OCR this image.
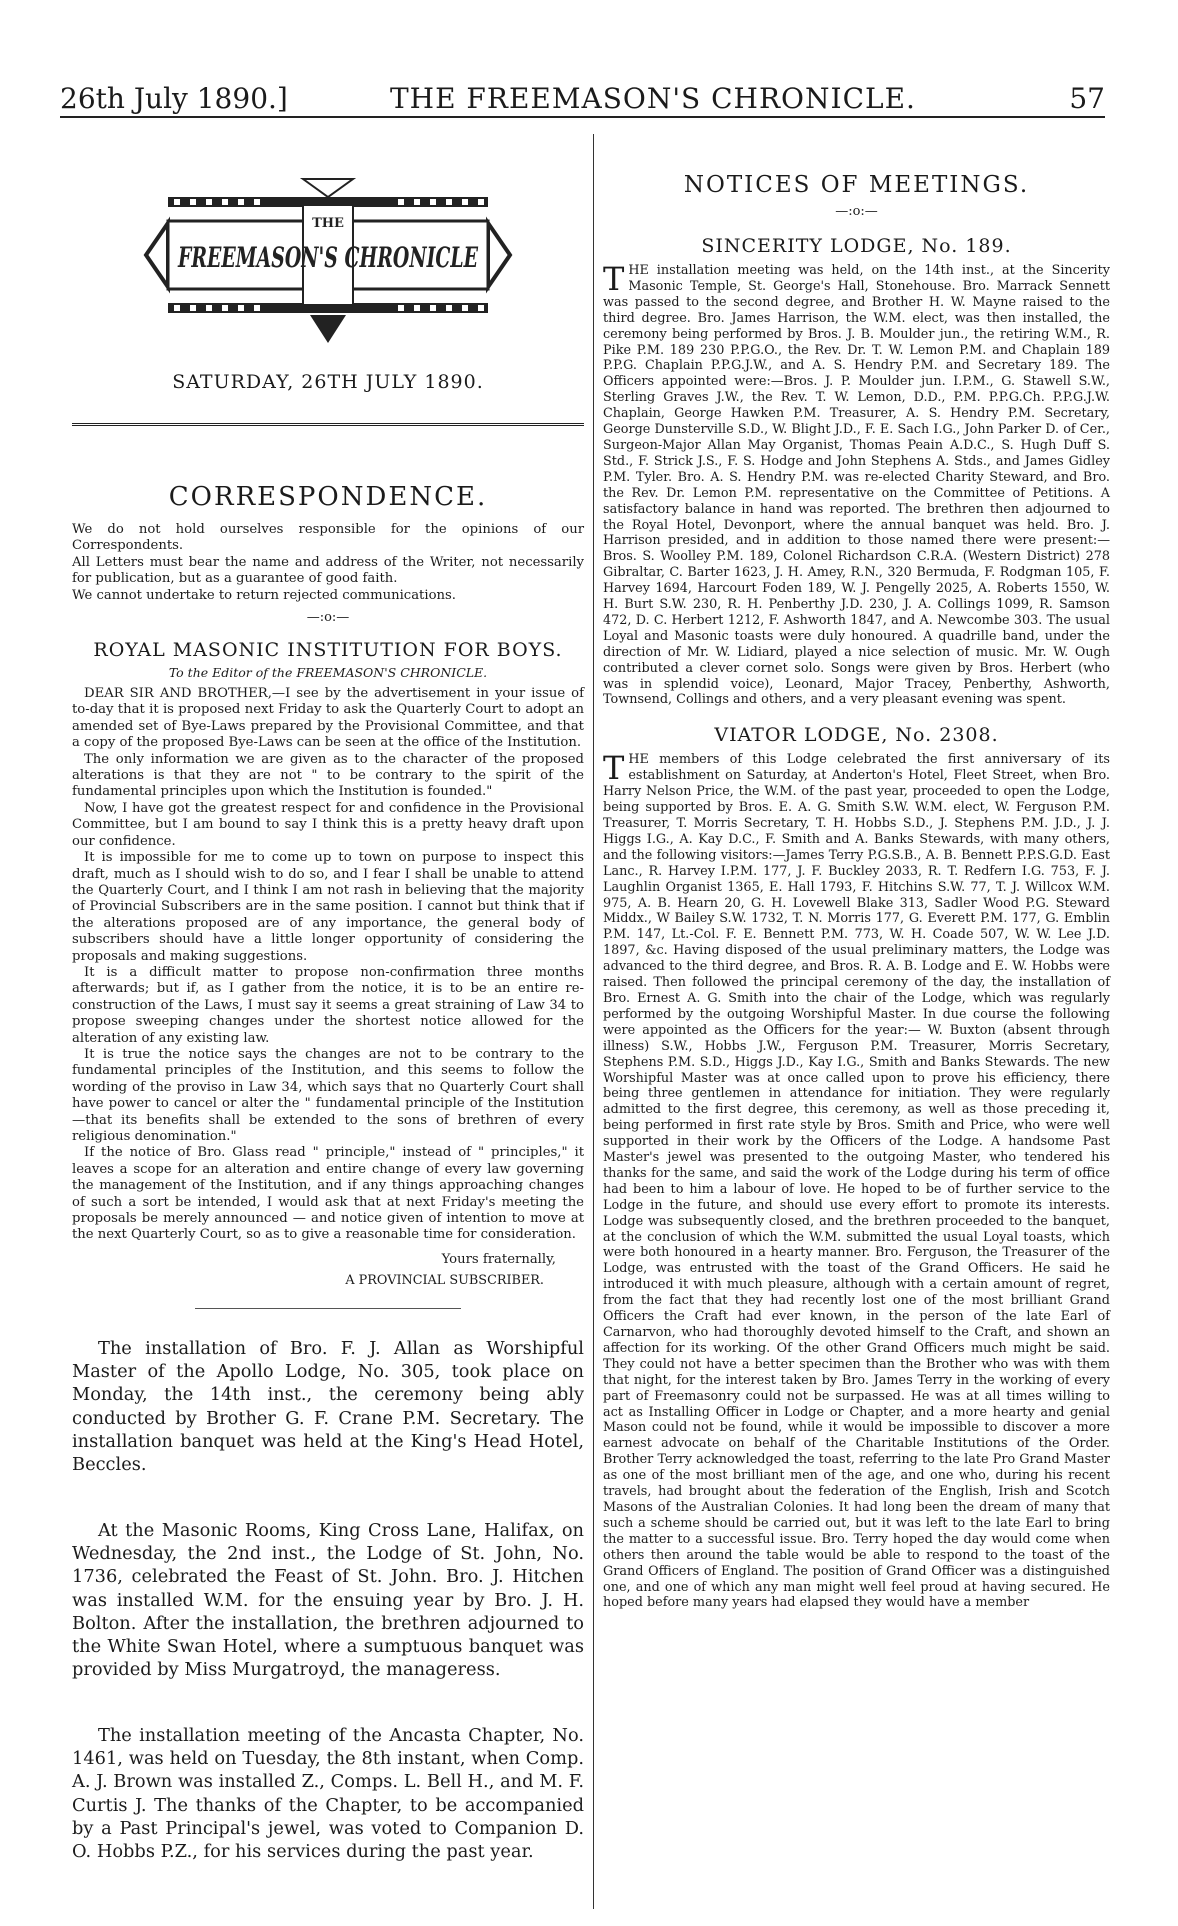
26th July 1890.]	THE FREEMASON'S CHRONICLE.	57
THE
FREEMASON'S CHRONICLE
SATURDAY, 26TH JULY 1890.
CORRESPONDENCE.

We do not hold ourselves responsible for the opinions of our Correspondents.

All Letters must bear the name and address of the Writer, not necessarily for publication, but as a guarantee of good faith.

We cannot undertake to return rejected communications.

—:o:—
ROYAL MASONIC INSTITUTION FOR BOYS.
To the Editor of the FREEMASON'S CHRONICLE.

DEAR SIR AND BROTHER,—I see by the advertisement in your issue of to-day that it is proposed next Friday to ask the Quarterly Court to adopt an amended set of Bye-Laws prepared by the Provisional Committee, and that a copy of the proposed Bye-Laws can be seen at the office of the Institution.

The only information we are given as to the character of the proposed alterations is that they are not " to be contrary to the spirit of the fundamental principles upon which the Institution is founded."

Now, I have got the greatest respect for and confidence in the Provisional Committee, but I am bound to say I think this is a pretty heavy draft upon our confidence.

It is impossible for me to come up to town on purpose to inspect this draft, much as I should wish to do so, and I fear I shall be unable to attend the Quarterly Court, and I think I am not rash in believing that the majority of Provincial Subscribers are in the same position. I cannot but think that if the alterations proposed are of any importance, the general body of subscribers should have a little longer opportunity of considering the proposals and making suggestions.

It is a difficult matter to propose non-confirmation three months afterwards; but if, as I gather from the notice, it is to be an entire re-construction of the Laws, I must say it seems a great straining of Law 34 to propose sweeping changes under the shortest notice allowed for the alteration of any existing law.

It is true the notice says the changes are not to be contrary to the fundamental principles of the Institution, and this seems to follow the wording of the proviso in Law 34, which says that no Quarterly Court shall have power to cancel or alter the " fundamental principle of the Institution—that its benefits shall be extended to the sons of brethren of every religious denomination."

If the notice of Bro. Glass read " principle," instead of " principles," it leaves a scope for an alteration and entire change of every law governing the management of the Institution, and if any things approaching changes of such a sort be intended, I would ask that at next Friday's meeting the proposals be merely announced — and notice given of intention to move at the next Quarterly Court, so as to give a reasonable time for consideration.

Yours fraternally,
A PROVINCIAL SUBSCRIBER.

The installation of Bro. F. J. Allan as Worshipful Master of the Apollo Lodge, No. 305, took place on Monday, the 14th inst., the ceremony being ably conducted by Brother G. F. Crane P.M. Secretary. The installation banquet was held at the King's Head Hotel, Beccles.

At the Masonic Rooms, King Cross Lane, Halifax, on Wednesday, the 2nd inst., the Lodge of St. John, No. 1736, celebrated the Feast of St. John. Bro. J. Hitchen was installed W.M. for the ensuing year by Bro. J. H. Bolton. After the installation, the brethren adjourned to the White Swan Hotel, where a sumptuous banquet was provided by Miss Murgatroyd, the manageress.

The installation meeting of the Ancasta Chapter, No. 1461, was held on Tuesday, the 8th instant, when Comp. A. J. Brown was installed Z., Comps. L. Bell H., and M. F. Curtis J. The thanks of the Chapter, to be accompanied by a Past Principal's jewel, was voted to Companion D. O. Hobbs P.Z., for his services during the past year.

NOTICES OF MEETINGS.
—:o:—
SINCERITY LODGE, No. 189.

THE installation meeting was held, on the 14th inst., at the Sincerity Masonic Temple, St. George's Hall, Stonehouse. Bro. Marrack Sennett was passed to the second degree, and Brother H. W. Mayne raised to the third degree. Bro. James Harrison, the W.M. elect, was then installed, the ceremony being performed by Bros. J. B. Moulder jun., the retiring W.M., R. Pike P.M. 189 230 P.P.G.O., the Rev. Dr. T. W. Lemon P.M. and Chaplain 189 P.P.G. Chaplain P.P.G.J.W., and A. S. Hendry P.M. and Secretary 189. The Officers appointed were:—Bros. J. P. Moulder jun. I.P.M., G. Stawell S.W., Sterling Graves J.W., the Rev. T. W. Lemon, D.D., P.M. P.P.G.Ch. P.P.G.J.W. Chaplain, George Hawken P.M. Treasurer, A. S. Hendry P.M. Secretary, George Dunsterville S.D., W. Blight J.D., F. E. Sach I.G., John Parker D. of Cer., Surgeon-Major Allan May Organist, Thomas Peain A.D.C., S. Hugh Duff S. Std., F. Strick J.S., F. S. Hodge and John Stephens A. Stds., and James Gidley P.M. Tyler. Bro. A. S. Hendry P.M. was re-elected Charity Steward, and Bro. the Rev. Dr. Lemon P.M. representative on the Committee of Petitions. A satisfactory balance in hand was reported. The brethren then adjourned to the Royal Hotel, Devonport, where the annual banquet was held. Bro. J. Harrison presided, and in addition to those named there were present:—Bros. S. Woolley P.M. 189, Colonel Richardson C.R.A. (Western District) 278 Gibraltar, C. Barter 1623, J. H. Amey, R.N., 320 Bermuda, F. Rodgman 105, F. Harvey 1694, Harcourt Foden 189, W. J. Pengelly 2025, A. Roberts 1550, W. H. Burt S.W. 230, R. H. Penberthy J.D. 230, J. A. Collings 1099, R. Samson 472, D. C. Herbert 1212, F. Ashworth 1847, and A. Newcombe 303. The usual Loyal and Masonic toasts were duly honoured. A quadrille band, under the direction of Mr. W. Lidiard, played a nice selection of music. Mr. W. Ough contributed a clever cornet solo. Songs were given by Bros. Herbert (who was in splendid voice), Leonard, Major Tracey, Penberthy, Ashworth, Townsend, Collings and others, and a very pleasant evening was spent.

VIATOR LODGE, No. 2308.

THE members of this Lodge celebrated the first anniversary of its establishment on Saturday, at Anderton's Hotel, Fleet Street, when Bro. Harry Nelson Price, the W.M. of the past year, proceeded to open the Lodge, being supported by Bros. E. A. G. Smith S.W. W.M. elect, W. Ferguson P.M. Treasurer, T. Morris Secretary, T. H. Hobbs S.D., J. Stephens P.M. J.D., J. J. Higgs I.G., A. Kay D.C., F. Smith and A. Banks Stewards, with many others, and the following visitors:—James Terry P.G.S.B., A. B. Bennett P.P.S.G.D. East Lanc., R. Harvey I.P.M. 177, J. F. Buckley 2033, R. T. Redfern I.G. 753, F. J. Laughlin Organist 1365, E. Hall 1793, F. Hitchins S.W. 77, T. J. Willcox W.M. 975, A. B. Hearn 20, G. H. Lovewell Blake 313, Sadler Wood P.G. Steward Middx., W Bailey S.W. 1732, T. N. Morris 177, G. Everett P.M. 177, G. Emblin P.M. 147, Lt.-Col. F. E. Bennett P.M. 773, W. H. Coade 507, W. W. Lee J.D. 1897, &c. Having disposed of the usual preliminary matters, the Lodge was advanced to the third degree, and Bros. R. A. B. Lodge and E. W. Hobbs were raised. Then followed the principal ceremony of the day, the installation of Bro. Ernest A. G. Smith into the chair of the Lodge, which was regularly performed by the outgoing Worshipful Master. In due course the following were appointed as the Officers for the year:— W. Buxton (absent through illness) S.W., Hobbs J.W., Ferguson P.M. Treasurer, Morris Secretary, Stephens P.M. S.D., Higgs J.D., Kay I.G., Smith and Banks Stewards. The new Worshipful Master was at once called upon to prove his efficiency, there being three gentlemen in attendance for initiation. They were regularly admitted to the first degree, this ceremony, as well as those preceding it, being performed in first rate style by Bros. Smith and Price, who were well supported in their work by the Officers of the Lodge. A handsome Past Master's jewel was presented to the outgoing Master, who tendered his thanks for the same, and said the work of the Lodge during his term of office had been to him a labour of love. He hoped to be of further service to the Lodge in the future, and should use every effort to promote its interests. Lodge was subsequently closed, and the brethren proceeded to the banquet, at the conclusion of which the W.M. submitted the usual Loyal toasts, which were both honoured in a hearty manner. Bro. Ferguson, the Treasurer of the Lodge, was entrusted with the toast of the Grand Officers. He said he introduced it with much pleasure, although with a certain amount of regret, from the fact that they had recently lost one of the most brilliant Grand Officers the Craft had ever known, in the person of the late Earl of Carnarvon, who had thoroughly devoted himself to the Craft, and shown an affection for its working. Of the other Grand Officers much might be said. They could not have a better specimen than the Brother who was with them that night, for the interest taken by Bro. James Terry in the working of every part of Freemasonry could not be surpassed. He was at all times willing to act as Installing Officer in Lodge or Chapter, and a more hearty and genial Mason could not be found, while it would be impossible to discover a more earnest advocate on behalf of the Charitable Institutions of the Order. Brother Terry acknowledged the toast, referring to the late Pro Grand Master as one of the most brilliant men of the age, and one who, during his recent travels, had brought about the federation of the English, Irish and Scotch Masons of the Australian Colonies. It had long been the dream of many that such a scheme should be carried out, but it was left to the late Earl to bring the matter to a successful issue. Bro. Terry hoped the day would come when others then around the table would be able to respond to the toast of the Grand Officers of England. The position of Grand Officer was a distinguished one, and one of which any man might well feel proud at having secured. He hoped before many years had elapsed they would have a member
